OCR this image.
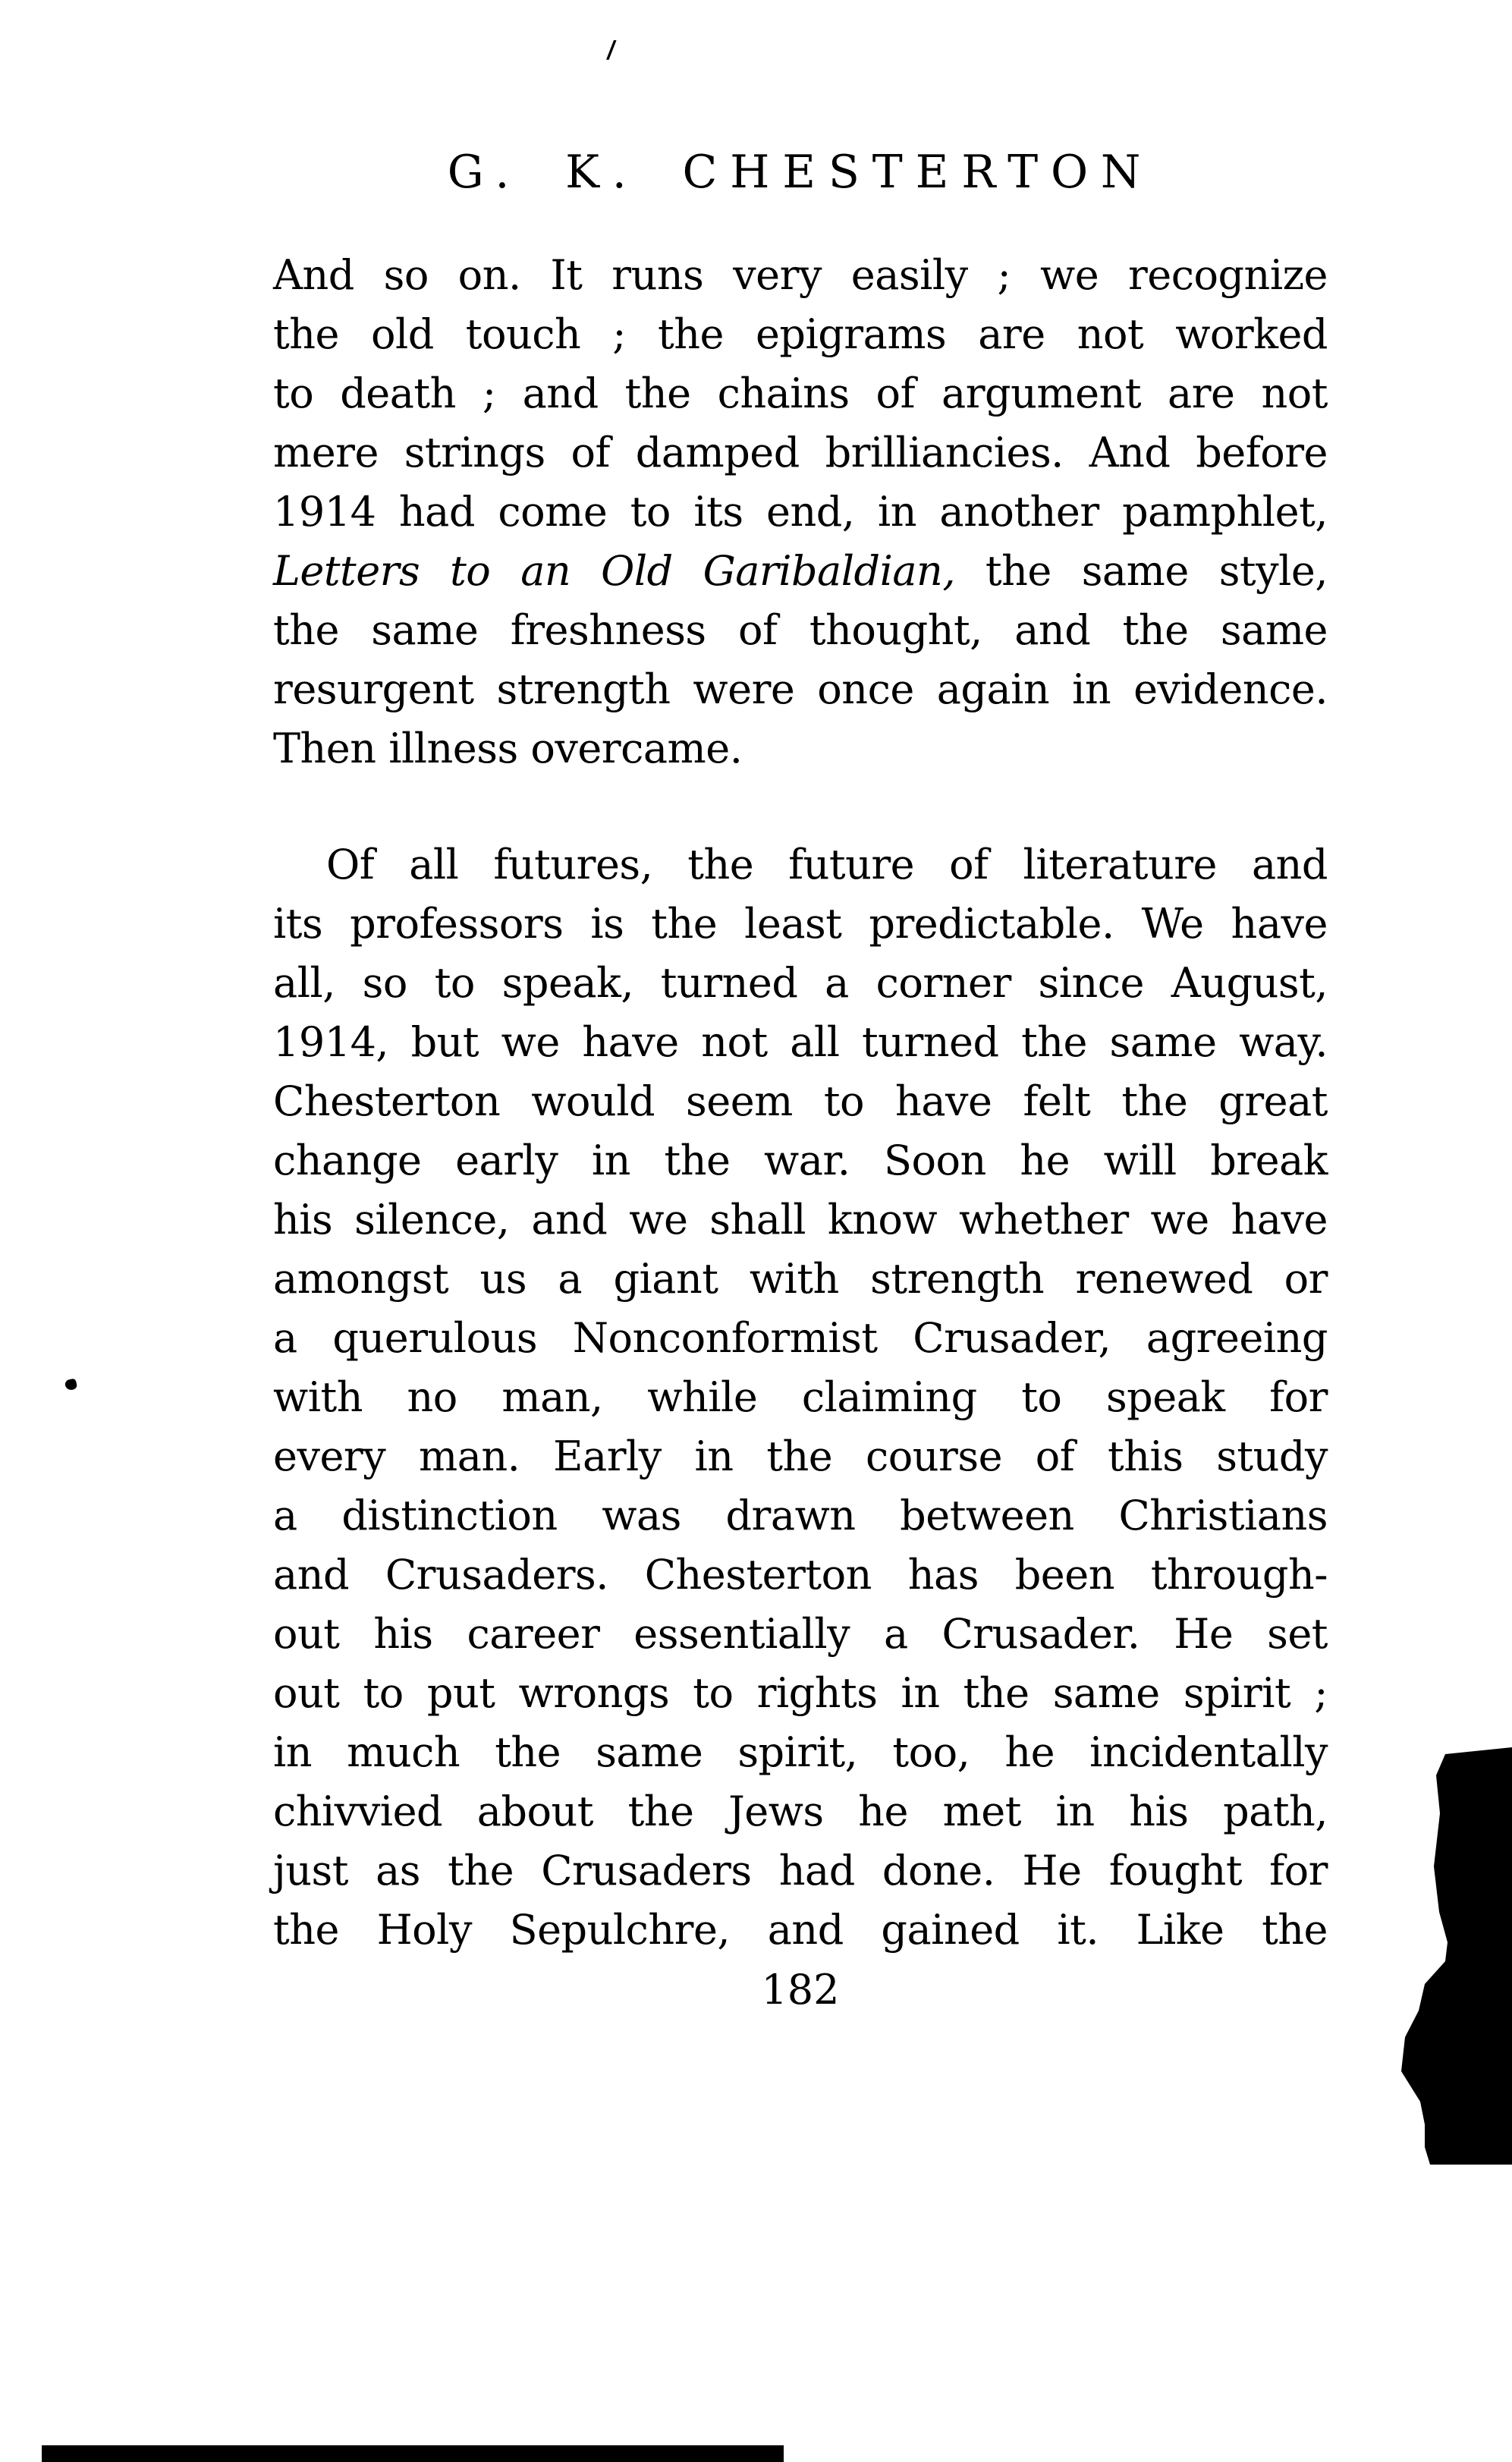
/
G. K. CHESTERTON
And so on. It runs very easily ; we recognize
the old touch ; the epigrams are not worked
to death ; and the chains of argument are not
mere strings of damped brilliancies. And before
1914 had come to its end, in another pamphlet,
Letters to an Old Garibaldian, the same style,
the same freshness of thought, and the same
resurgent strength were once again in evidence.
Then illness overcame.
Of all futures, the future of literature and
its professors is the least predictable. We have
all, so to speak, turned a corner since August,
1914, but we have not all turned the same way.
Chesterton would seem to have felt the great
change early in the war. Soon he will break
his silence, and we shall know whether we have
amongst us a giant with strength renewed or
a querulous Nonconformist Crusader, agreeing
with no man, while claiming to speak for
every man. Early in the course of this study
a distinction was drawn between Christians
and Crusaders. Chesterton has been through-
out his career essentially a Crusader. He set
out to put wrongs to rights in the same spirit ;
in much the same spirit, too, he incidentally
chivvied about the Jews he met in his path,
just as the Crusaders had done. He fought for
the Holy Sepulchre, and gained it. Like the
182
